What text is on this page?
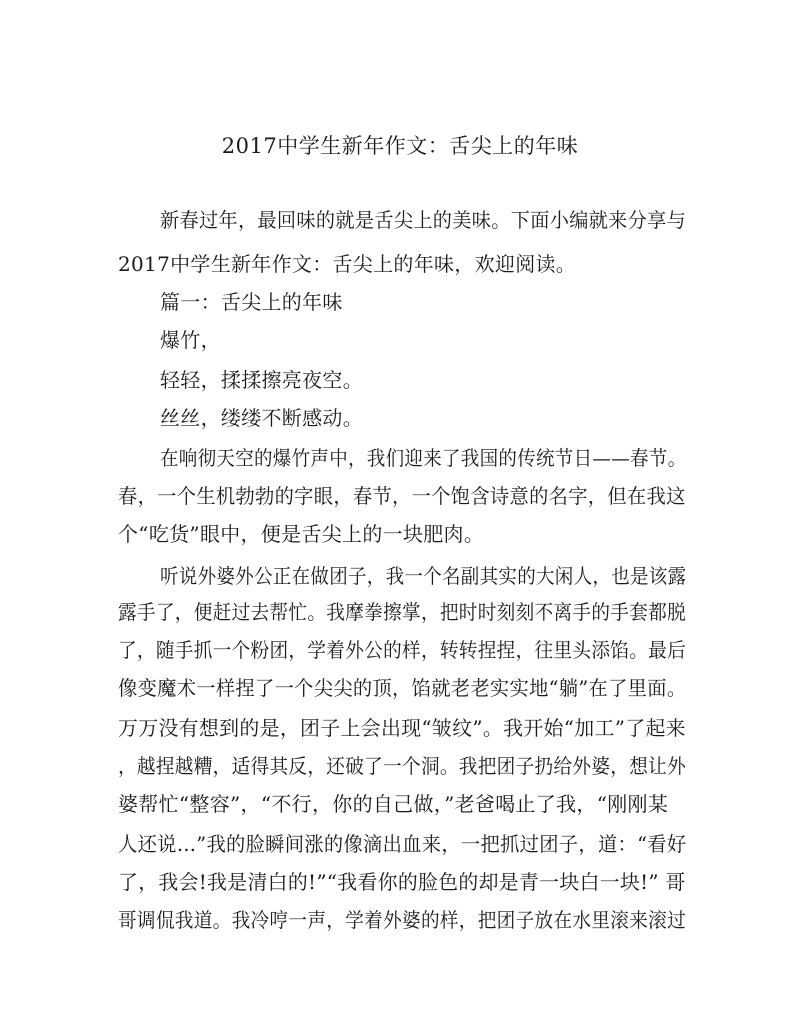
2017中学生新年作文：舌尖上的年味
新春过年，最回味的就是舌尖上的美味。下面小编就来分享与
2017中学生新年作文：舌尖上的年味，欢迎阅读。
篇一：舌尖上的年味
爆竹，
轻轻，揉揉擦亮夜空。
丝丝，缕缕不断感动。
在响彻天空的爆竹声中，我们迎来了我国的传统节日——春节。
春，一个生机勃勃的字眼，春节，一个饱含诗意的名字，但在我这
个“吃货”眼中，便是舌尖上的一块肥肉。
听说外婆外公正在做团子，我一个名副其实的大闲人，也是该露
露手了，便赶过去帮忙。我摩拳擦掌，把时时刻刻不离手的手套都脱
了，随手抓一个粉团，学着外公的样，转转捏捏，往里头添馅。最后
像变魔术一样捏了一个尖尖的顶，馅就老老实实地“躺”在了里面。
万万没有想到的是，团子上会出现“皱纹”。我开始“加工”了起来
，越捏越糟，适得其反，还破了一个洞。我把团子扔给外婆，想让外
婆帮忙“整容”，“不行，你的自己做，”老爸喝止了我，“刚刚某
人还说…”我的脸瞬间涨的像滴出血来，一把抓过团子，道：“看好
了，我会!我是清白的!”“我看你的脸色的却是青一块白一块!” 哥
哥调侃我道。我冷哼一声，学着外婆的样，把团子放在水里滚来滚过
